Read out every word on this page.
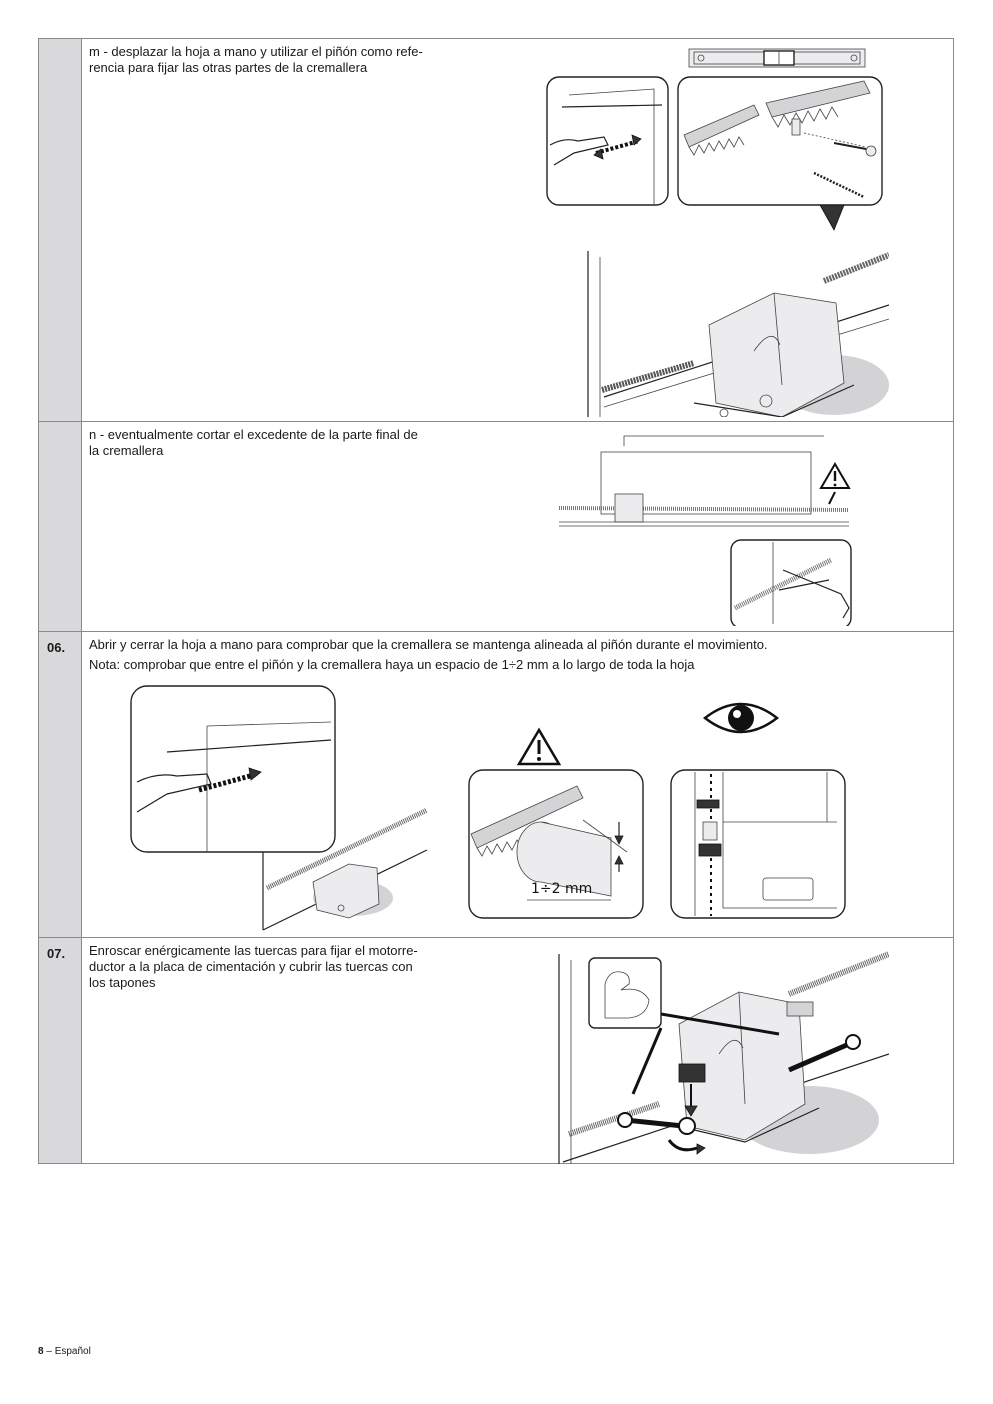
m - desplazar la hoja a mano y utilizar el piñón como refe-
rencia para fijar las otras partes de la cremallera
n - eventualmente cortar el excedente de la parte final de
la cremallera
06. Abrir y cerrar la hoja a mano para comprobar que la cremallera se mantenga alineada al piñón durante el movimiento.
Nota: comprobar que entre el piñón y la cremallera haya un espacio de 1÷2 mm a lo largo de toda la hoja
1÷2 mm
07. Enroscar enérgicamente las tuercas para fijar el motorre-
ductor a la placa de cimentación y cubrir las tuercas con
los tapones
8 – Español
